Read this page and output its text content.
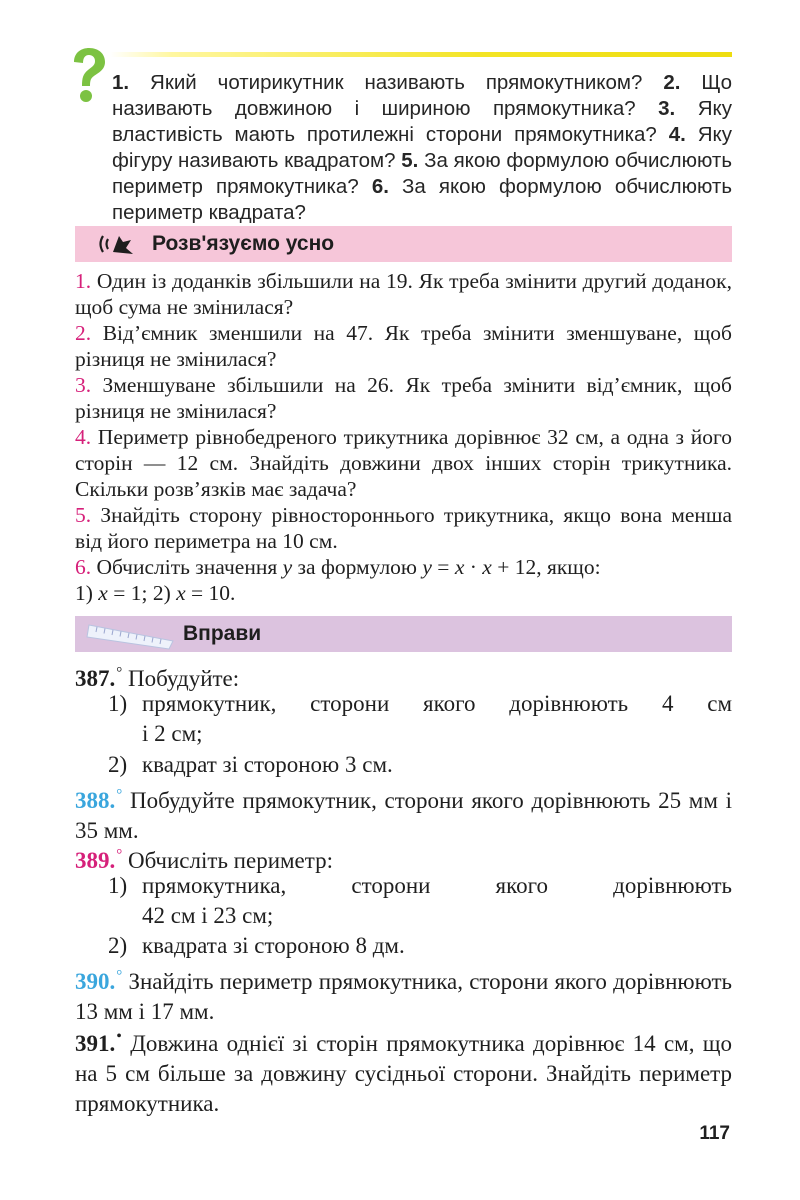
1. Який чотирикутник називають прямокутником? 2. Що називають довжиною і шириною прямокутника? 3. Яку властивість мають протилежні сторони прямокутника? 4. Яку фігуру називають квадратом? 5. За якою формулою обчислюють периметр прямокутника? 6. За якою формулою обчислюють периметр квадрата?
Розв'язуємо усно

1. Один із доданків збільшили на 19. Як треба змінити другий доданок, щоб сума не змінилася?

2. Від’ємник зменшили на 47. Як треба змінити зменшуване, щоб різниця не змінилася?

3. Зменшуване збільшили на 26. Як треба змінити від’ємник, щоб різниця не змінилася?

4. Периметр рівнобедреного трикутника дорівнює 32 см, а одна з його сторін — 12 см. Знайдіть довжини двох інших сторін трикутника. Скільки розв’язків має задача?

5. Знайдіть сторону рівностороннього трикутника, якщо вона менша від його периметра на 10 см.

6. Обчисліть значення y за формулою y = x · x + 12, якщо:
1) x = 1; 2) x = 10.

Вправи
387.° Побудуйте:
1) прямокутник, сторони якого дорівнюють 4 см
і 2 см;
2) квадрат зі стороною 3 см.
388.° Побудуйте прямокутник, сторони якого дорівнюють 25 мм і 35 мм.
389.° Обчисліть периметр:
1) прямокутника, сторони якого дорівнюють
42 см і 23 см;
2) квадрата зі стороною 8 дм.
390.° Знайдіть периметр прямокутника, сторони якого дорівнюють 13 мм і 17 мм.
391.• Довжина однієї зі сторін прямокутника дорівнює 14 см, що на 5 см більше за довжину сусідньої сторони. Знайдіть периметр прямокутника.
117
